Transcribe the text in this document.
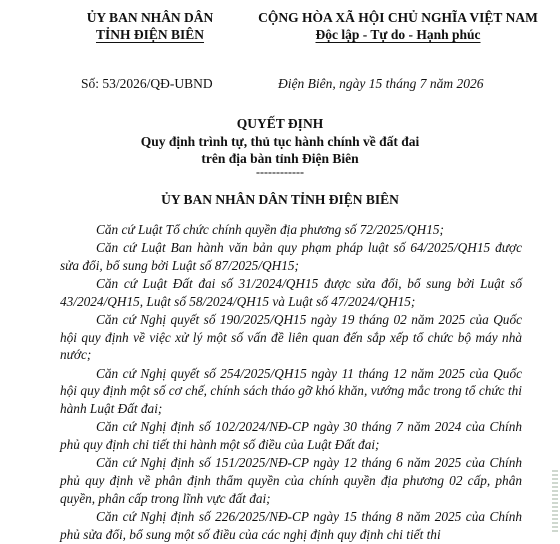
ỦY BAN NHÂN DÂN
TỈNH ĐIỆN BIÊN
CỘNG HÒA XÃ HỘI CHỦ NGHĨA VIỆT NAM
Độc lập - Tự do - Hạnh phúc
Số: 53/2026/QĐ-UBND	Điện Biên, ngày 15 tháng 7 năm 2026
QUYẾT ĐỊNH
Quy định trình tự, thủ tục hành chính về đất đai
trên địa bàn tỉnh Điện Biên
------------
ỦY BAN NHÂN DÂN TỈNH ĐIỆN BIÊN

Căn cứ Luật Tổ chức chính quyền địa phương số 72/2025/QH15;

Căn cứ Luật Ban hành văn bản quy phạm pháp luật số 64/2025/QH15 được sửa đổi, bổ sung bởi Luật số 87/2025/QH15;

Căn cứ Luật Đất đai số 31/2024/QH15 được sửa đổi, bổ sung bởi Luật số 43/2024/QH15, Luật số 58/2024/QH15 và Luật số 47/2024/QH15;

Căn cứ Nghị quyết số 190/2025/QH15 ngày 19 tháng 02 năm 2025 của Quốc hội quy định về việc xử lý một số vấn đề liên quan đến sắp xếp tổ chức bộ máy nhà nước;

Căn cứ Nghị quyết số 254/2025/QH15 ngày 11 tháng 12 năm 2025 của Quốc hội quy định một số cơ chế, chính sách tháo gỡ khó khăn, vướng mắc trong tổ chức thi hành Luật Đất đai;

Căn cứ Nghị định số 102/2024/NĐ-CP ngày 30 tháng 7 năm 2024 của Chính phủ quy định chi tiết thi hành một số điều của Luật Đất đai;

Căn cứ Nghị định số 151/2025/NĐ-CP ngày 12 tháng 6 năm 2025 của Chính phủ quy định về phân định thẩm quyền của chính quyền địa phương 02 cấp, phân quyền, phân cấp trong lĩnh vực đất đai;

Căn cứ Nghị định số 226/2025/NĐ-CP ngày 15 tháng 8 năm 2025 của Chính phủ sửa đổi, bổ sung một số điều của các nghị định quy định chi tiết thi
